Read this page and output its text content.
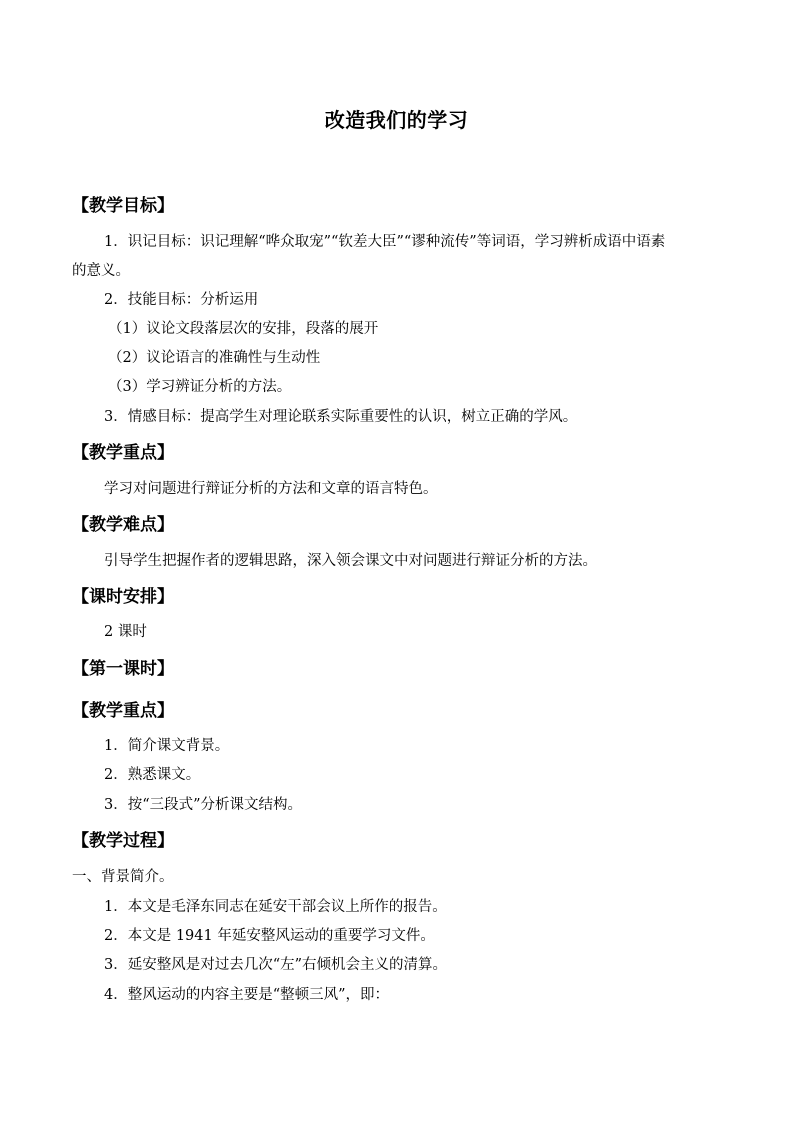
改造我们的学习
【教学目标】
1．识记目标：识记理解“哗众取宠”“钦差大臣”“谬种流传”等词语，学习辨析成语中语素
的意义。
2．技能目标：分析运用
（1）议论文段落层次的安排，段落的展开
（2）议论语言的准确性与生动性
（3）学习辨证分析的方法。
3．情感目标：提高学生对理论联系实际重要性的认识，树立正确的学风。
【教学重点】
学习对问题进行辩证分析的方法和文章的语言特色。
【教学难点】
引导学生把握作者的逻辑思路，深入领会课文中对问题进行辩证分析的方法。
【课时安排】
2 课时
【第一课时】
【教学重点】
1．简介课文背景。
2．熟悉课文。
3．按“三段式”分析课文结构。
【教学过程】
一、背景简介。
1．本文是毛泽东同志在延安干部会议上所作的报告。
2．本文是 1941 年延安整风运动的重要学习文件。
3．延安整风是对过去几次“左”右倾机会主义的清算。
4．整风运动的内容主要是“整顿三风”，即：
